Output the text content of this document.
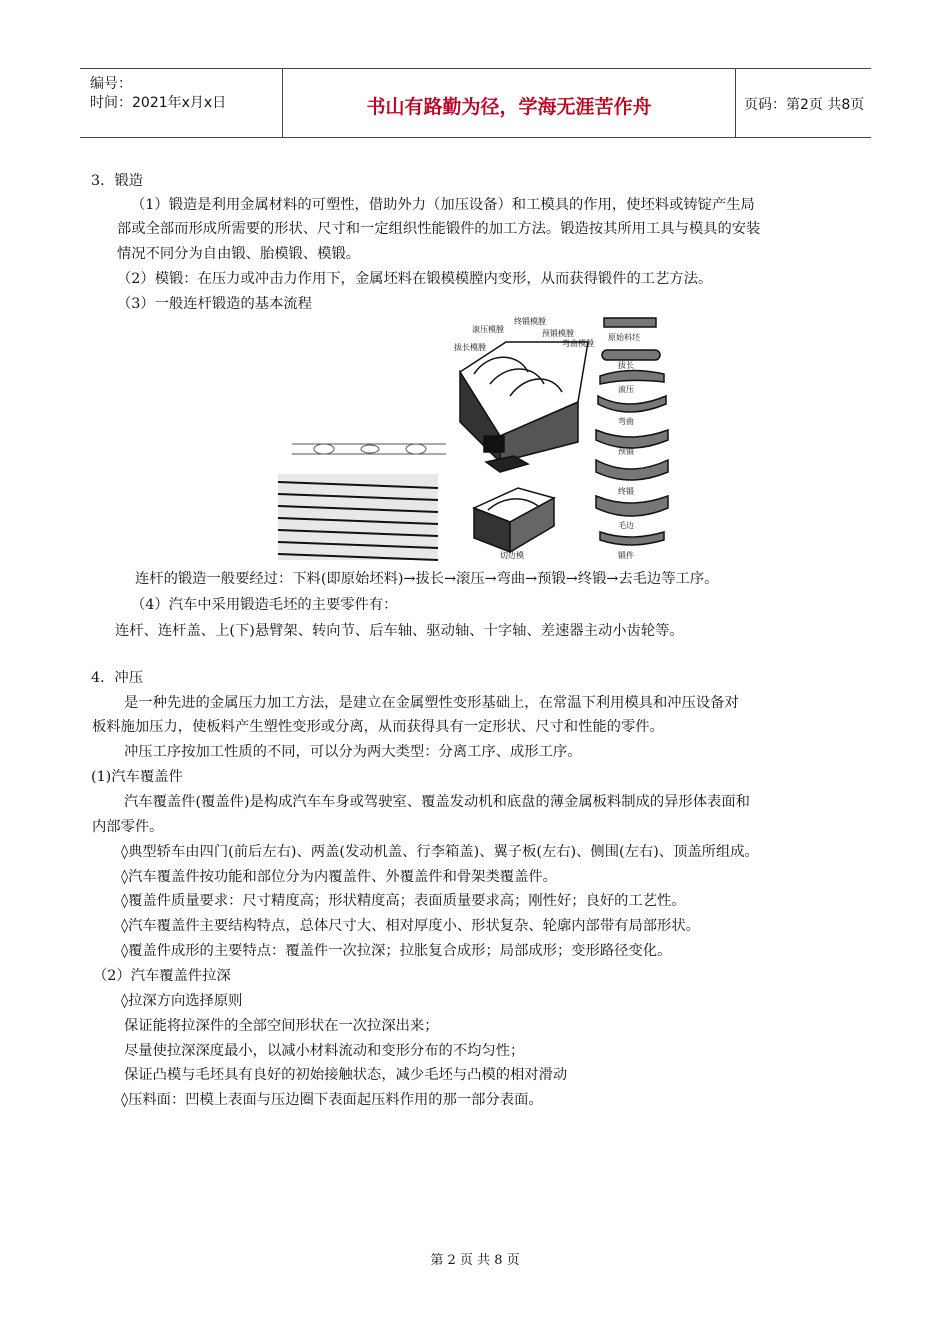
编号：
时间：2021年x月x日	书山有路勤为径，学海无涯苦作舟	页码：第2页 共8页
3．锻造
（1）锻造是利用金属材料的可塑性，借助外力（加压设备）和工模具的作用，使坯料或铸锭产生局
部或全部而形成所需要的形状、尺寸和一定组织性能锻件的加工方法。锻造按其所用工具与模具的安装
情况不同分为自由锻、胎模锻、模锻。
（2）模锻：在压力或冲击力作用下，金属坯料在锻模模膛内变形，从而获得锻件的工艺方法。
（3）一般连杆锻造的基本流程
滚压模膛
终锻模膛
预锻模膛
弯曲模膛
拔长模膛
切边模
原始料坯
拔长
滚压
弯曲
预锻
终锻
毛边
锻件
连杆的锻造一般要经过：下料(即原始坯料)→拔长→滚压→弯曲→预锻→终锻→去毛边等工序。
（4）汽车中采用锻造毛坯的主要零件有：
连杆、连杆盖、上(下)悬臂架、转向节、后车轴、驱动轴、十字轴、差速器主动小齿轮等。
4．冲压
是一种先进的金属压力加工方法，是建立在金属塑性变形基础上，在常温下利用模具和冲压设备对
板料施加压力，使板料产生塑性变形或分离，从而获得具有一定形状、尺寸和性能的零件。
冲压工序按加工性质的不同，可以分为两大类型：分离工序、成形工序。
(1)汽车覆盖件
汽车覆盖件(覆盖件)是构成汽车车身或驾驶室、覆盖发动机和底盘的薄金属板料制成的异形体表面和
内部零件。
◊典型轿车由四门(前后左右)、两盖(发动机盖、行李箱盖)、翼子板(左右)、侧围(左右)、顶盖所组成。
◊汽车覆盖件按功能和部位分为内覆盖件、外覆盖件和骨架类覆盖件。
◊覆盖件质量要求：尺寸精度高；形状精度高；表面质量要求高；刚性好；良好的工艺性。
◊汽车覆盖件主要结构特点，总体尺寸大、相对厚度小、形状复杂、轮廓内部带有局部形状。
◊覆盖件成形的主要特点：覆盖件一次拉深；拉胀复合成形；局部成形；变形路径变化。
（2）汽车覆盖件拉深
◊拉深方向选择原则
保证能将拉深件的全部空间形状在一次拉深出来；
尽量使拉深深度最小，以减小材料流动和变形分布的不均匀性；
保证凸模与毛坯具有良好的初始接触状态，减少毛坯与凸模的相对滑动
◊压料面：凹模上表面与压边圈下表面起压料作用的那一部分表面。
第 2 页 共 8 页
